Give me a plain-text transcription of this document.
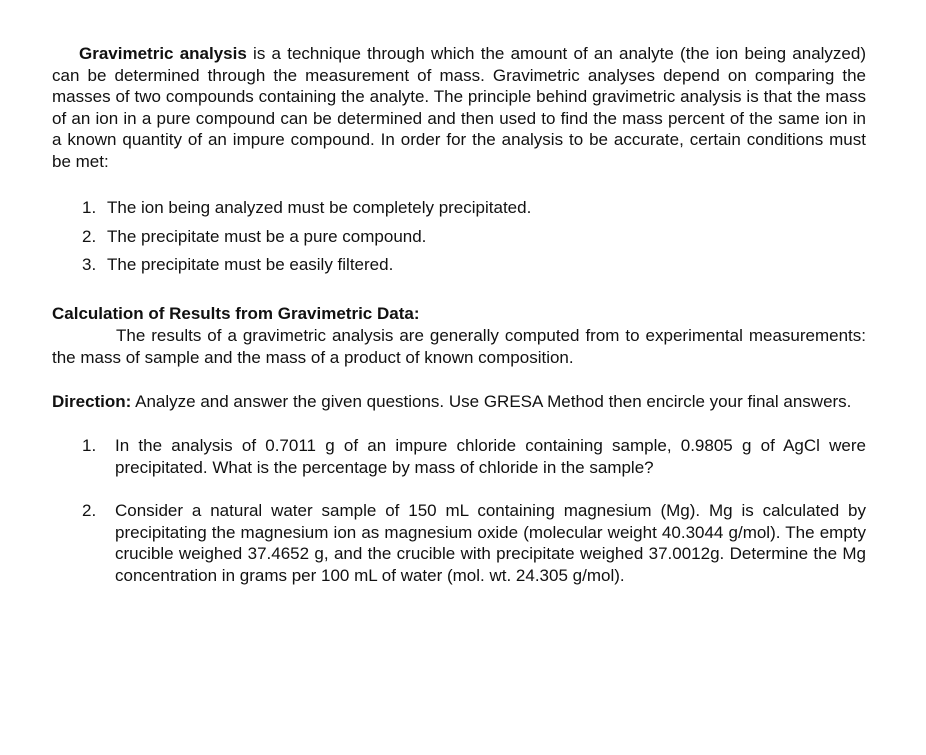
Gravimetric analysis is a technique through which the amount of an analyte (the ion being analyzed) can be determined through the measurement of mass. Gravimetric analyses depend on comparing the masses of two compounds containing the analyte. The principle behind gravimetric analysis is that the mass of an ion in a pure compound can be determined and then used to find the mass percent of the same ion in a known quantity of an impure compound. In order for the analysis to be accurate, certain conditions must be met:

1. The ion being analyzed must be completely precipitated.
2. The precipitate must be a pure compound.
3. The precipitate must be easily filtered.
Calculation of Results from Gravimetric Data:

The results of a gravimetric analysis are generally computed from to experimental measurements: the mass of sample and the mass of a product of known composition.

Direction: Analyze and answer the given questions. Use GRESA Method then encircle your final answers.

1. In the analysis of 0.7011 g of an impure chloride containing sample, 0.9805 g of AgCl were precipitated. What is the percentage by mass of chloride in the sample?

2. Consider a natural water sample of 150 mL containing magnesium (Mg). Mg is calculated by precipitating the magnesium ion as magnesium oxide (molecular weight 40.3044 g/mol). The empty crucible weighed 37.4652 g, and the crucible with precipitate weighed 37.0012g. Determine the Mg concentration in grams per 100 mL of water (mol. wt. 24.305 g/mol).
